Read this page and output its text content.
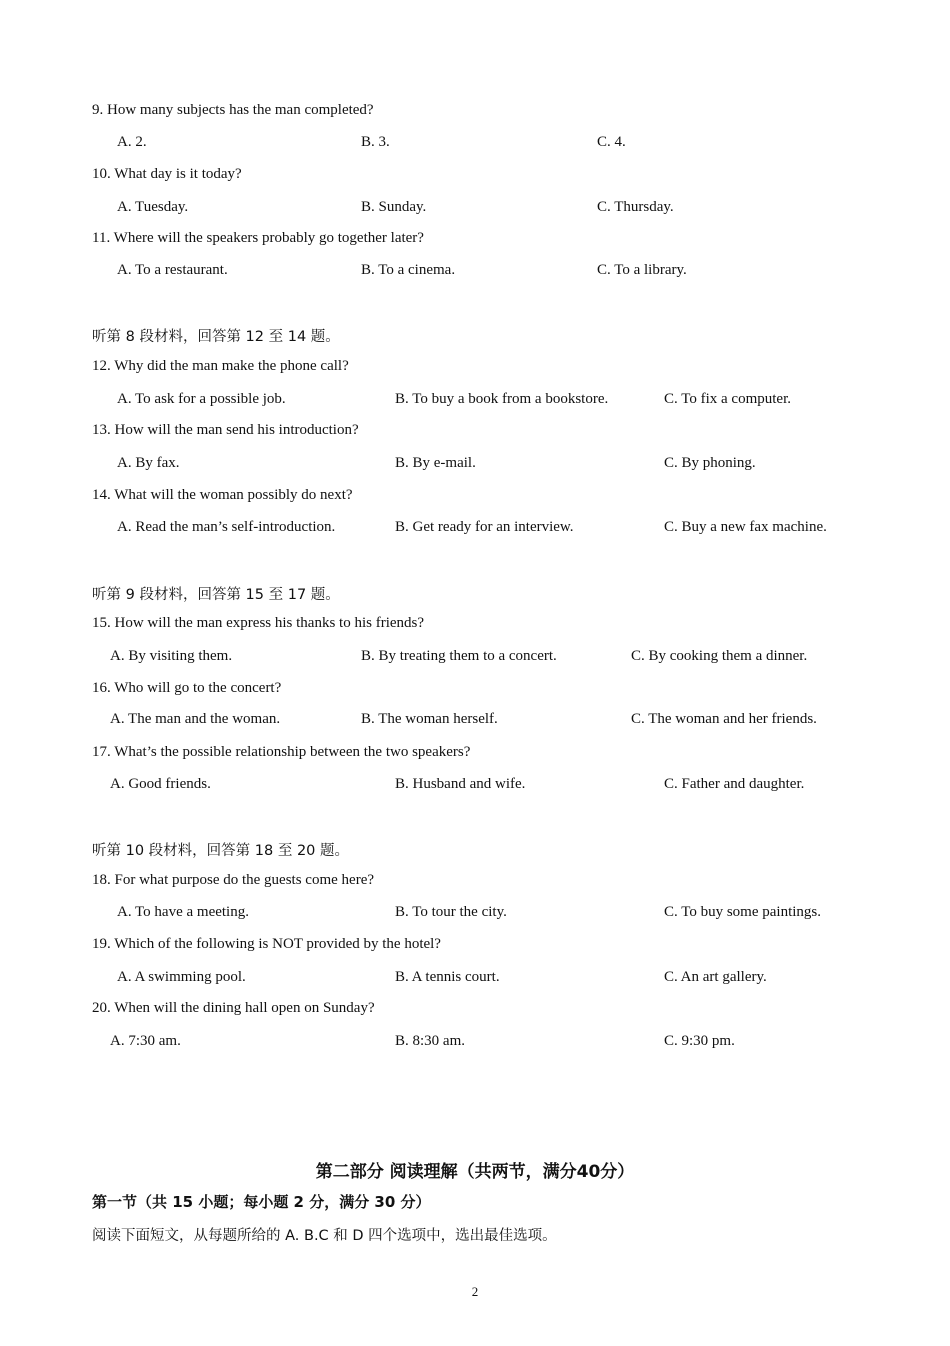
9. How many subjects has the man completed?
A. 2.	B. 3.	C. 4.
10. What day is it today?
A. Tuesday.	B. Sunday.	C. Thursday.
11. Where will the speakers probably go together later?
A. To a restaurant.	B. To a cinema.	C. To a library.
听第 8 段材料，回答第 12 至 14 题。
12. Why did the man make the phone call?
A. To ask for a possible job.	B. To buy a book from a bookstore.	C. To fix a computer.
13. How will the man send his introduction?
A. By fax.	B. By e-mail.	C. By phoning.
14. What will the woman possibly do next?
A. Read the man’s self-introduction.	B. Get ready for an interview.	C. Buy a new fax machine.
听第 9 段材料，回答第 15 至 17 题。
15. How will the man express his thanks to his friends?
A. By visiting them.	B. By treating them to a concert.	C. By cooking them a dinner.
16. Who will go to the concert?
A. The man and the woman.	B. The woman herself.	C. The woman and her friends.
17. What’s the possible relationship between the two speakers?
A. Good friends.	B. Husband and wife.	C. Father and daughter.
听第 10 段材料，回答第 18 至 20 题。
18. For what purpose do the guests come here?
A. To have a meeting.	B. To tour the city.	C. To buy some paintings.
19. Which of the following is NOT provided by the hotel?
A. A swimming pool.	B. A tennis court.	C. An art gallery.
20. When will the dining hall open on Sunday?
A. 7:30 am.	B. 8:30 am.	C. 9:30 pm.
第二部分 阅读理解（共两节，满分40分）
第一节（共 15 小题；每小题 2 分，满分 30 分）
阅读下面短文，从每题所给的 A. B.C 和 D 四个选项中，选出最佳选项。
2
